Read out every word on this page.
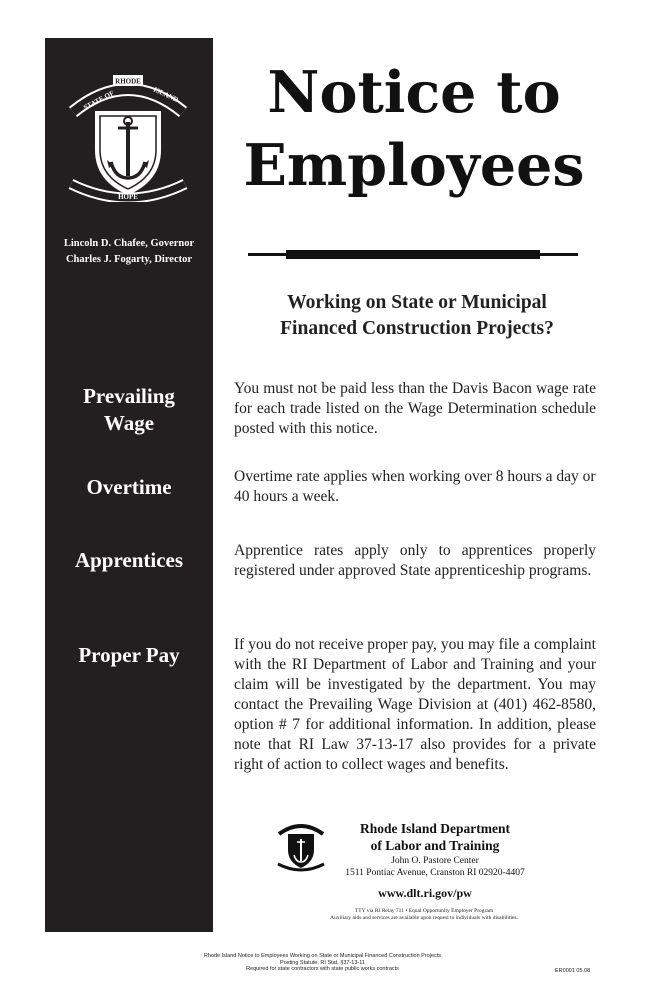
STATE OF	ISLAND
RHODE
HOPE
Lincoln D. Chafee, Governor
Charles J. Fogarty, Director
Prevailing
Wage
Overtime
Apprentices
Proper Pay
Notice to
Employees
Working on State or Municipal
Financed Construction Projects?
You must not be paid less than the Davis Bacon wage rate for each trade listed on the Wage Determination schedule posted with this notice.
Overtime rate applies when working over 8 hours a day or 40 hours a week.
Apprentice rates apply only to apprentices properly registered under approved State apprenticeship programs.
If you do not receive proper pay, you may file a complaint with the RI Department of Labor and Training and your claim will be investigated by the department. You may contact the Prevailing Wage Division at (401) 462-8580, option # 7 for additional information. In addition, please note that RI Law 37-13-17 also provides for a private right of action to collect wages and benefits.
Rhode Island Department
of Labor and Training
John O. Pastore Center
1511 Pontiac Avenue, Cranston RI 02920-4407
www.dlt.ri.gov/pw
TTY via RI Relay 711 • Equal Opportunity Employer Program
Auxiliary aids and services are available upon request to individuals with disabilities.
Rhode Island Notice to Employees Working on State or Municipal Financed Construction Projects
Posting Statute: RI Stat. §37-13-11
Required for state contractors with state public works contracts	ER0001 05.08
